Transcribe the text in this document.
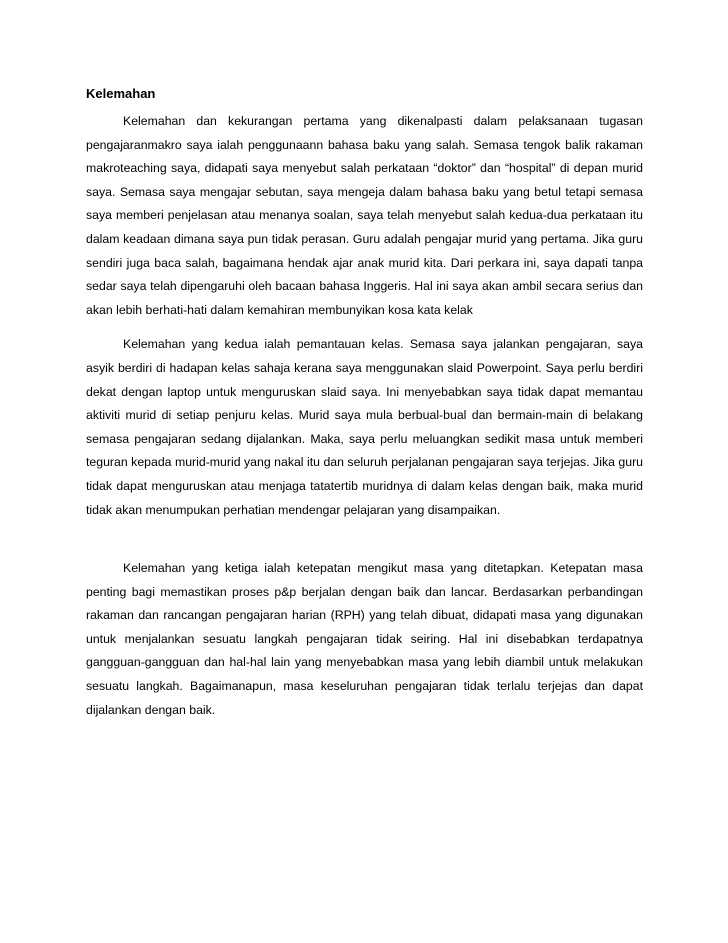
Kelemahan

Kelemahan dan kekurangan pertama yang dikenalpasti dalam pelaksanaan tugasan pengajaranmakro saya ialah penggunaann bahasa baku yang salah. Semasa tengok balik rakaman makroteaching saya, didapati saya menyebut salah perkataan “doktor” dan “hospital” di depan murid saya. Semasa saya mengajar sebutan, saya mengeja dalam bahasa baku yang betul tetapi semasa saya memberi penjelasan atau menanya soalan, saya telah menyebut salah kedua-dua perkataan itu dalam keadaan dimana saya pun tidak perasan. Guru adalah pengajar murid yang pertama. Jika guru sendiri juga baca salah, bagaimana hendak ajar anak murid kita. Dari perkara ini, saya dapati tanpa sedar saya telah dipengaruhi oleh bacaan bahasa Inggeris. Hal ini saya akan ambil secara serius dan akan lebih berhati-hati dalam kemahiran membunyikan kosa kata kelak

Kelemahan yang kedua ialah pemantauan kelas. Semasa saya jalankan pengajaran, saya asyik berdiri di hadapan kelas sahaja kerana saya menggunakan slaid Powerpoint. Saya perlu berdiri dekat dengan laptop untuk menguruskan slaid saya. Ini menyebabkan saya tidak dapat memantau aktiviti murid di setiap penjuru kelas. Murid saya mula berbual-bual dan bermain-main di belakang semasa pengajaran sedang dijalankan. Maka, saya perlu meluangkan sedikit masa untuk memberi teguran kepada murid-murid yang nakal itu dan seluruh perjalanan pengajaran saya terjejas. Jika guru tidak dapat menguruskan atau menjaga tatatertib muridnya di dalam kelas dengan baik, maka murid tidak akan menumpukan perhatian mendengar pelajaran yang disampaikan.

Kelemahan yang ketiga ialah ketepatan mengikut masa yang ditetapkan. Ketepatan masa penting bagi memastikan proses p&p berjalan dengan baik dan lancar. Berdasarkan perbandingan rakaman dan rancangan pengajaran harian (RPH) yang telah dibuat, didapati masa yang digunakan untuk menjalankan sesuatu langkah pengajaran tidak seiring. Hal ini disebabkan terdapatnya gangguan-gangguan dan hal-hal lain yang menyebabkan masa yang lebih diambil untuk melakukan sesuatu langkah. Bagaimanapun, masa keseluruhan pengajaran tidak terlalu terjejas dan dapat dijalankan dengan baik.
